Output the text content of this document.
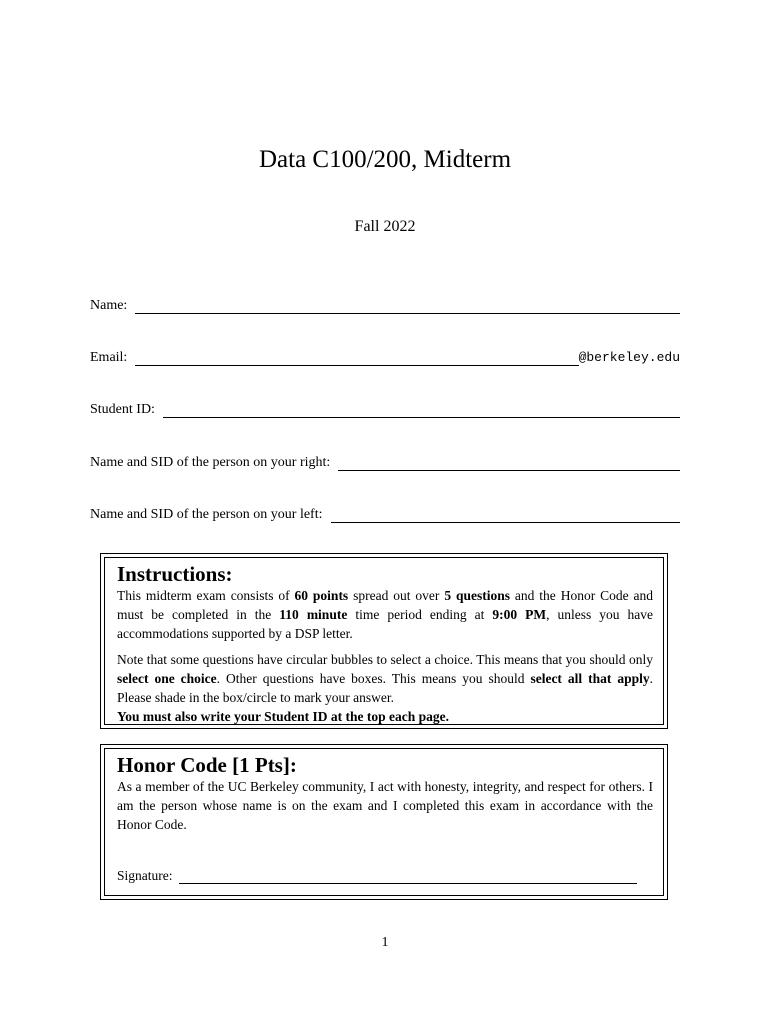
Data C100/200, Midterm
Fall 2022
Name:
Email:	@berkeley.edu
Student ID:
Name and SID of the person on your right:
Name and SID of the person on your left:
Instructions:

This midterm exam consists of 60 points spread out over 5 questions and the Honor Code and must be completed in the 110 minute time period ending at 9:00 PM, unless you have accommodations supported by a DSP letter.

Note that some questions have circular bubbles to select a choice. This means that you should only select one choice. Other questions have boxes. This means you should select all that apply. Please shade in the box/circle to mark your answer.
You must also write your Student ID at the top each page.

Honor Code [1 Pts]:

As a member of the UC Berkeley community, I act with honesty, integrity, and respect for others. I am the person whose name is on the exam and I completed this exam in accordance with the Honor Code.

Signature:
1
